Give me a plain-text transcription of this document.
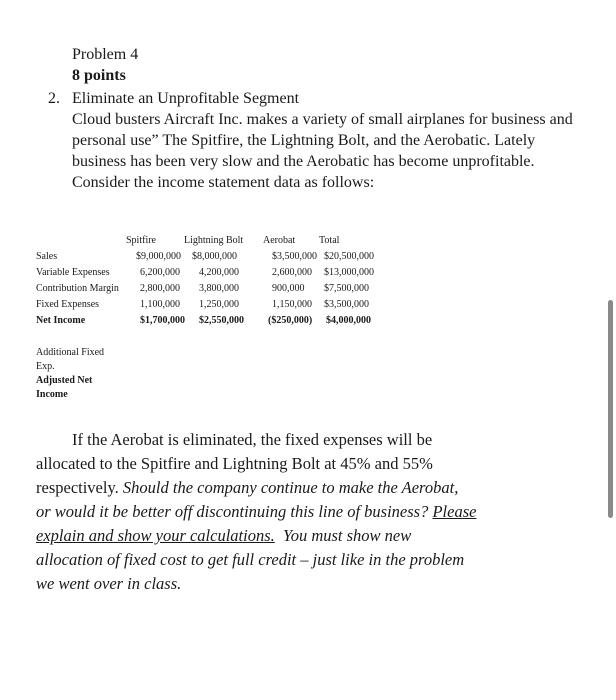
Problem 4
8 points
2. Eliminate an Unprofitable Segment

Cloud busters Aircraft Inc. makes a variety of small airplanes for business and personal use” The Spitfire, the Lightning Bolt, and the Aerobatic. Lately business has been very slow and the Aerobatic has become unprofitable.

Consider the income statement data as follows:

Spitfire	Lightning Bolt Aerobat Total
Sales	$9,000,000 $8,000,000	$3,500,000 $20,500,000
Variable Expenses	6,200,000 4,200,000	2,600,000 $13,000,000
Contribution Margin 2,800,000 3,800,000	900,000 $7,500,000
Fixed Expenses	1,100,000 1,250,000	1,150,000 $3,500,000
Net Income	$1,700,000 $2,550,000 ($250,000) $4,000,000
Additional Fixed
Exp.
Adjusted Net
Income

If the Aerobat is eliminated, the fixed expenses will be

allocated to the Spitfire and Lightning Bolt at 45% and 55%

respectively. Should the company continue to make the Aerobat,

or would it be better off discontinuing this line of business? Please

explain and show your calculations.  You must show new

allocation of fixed cost to get full credit – just like in the problem

we went over in class.
